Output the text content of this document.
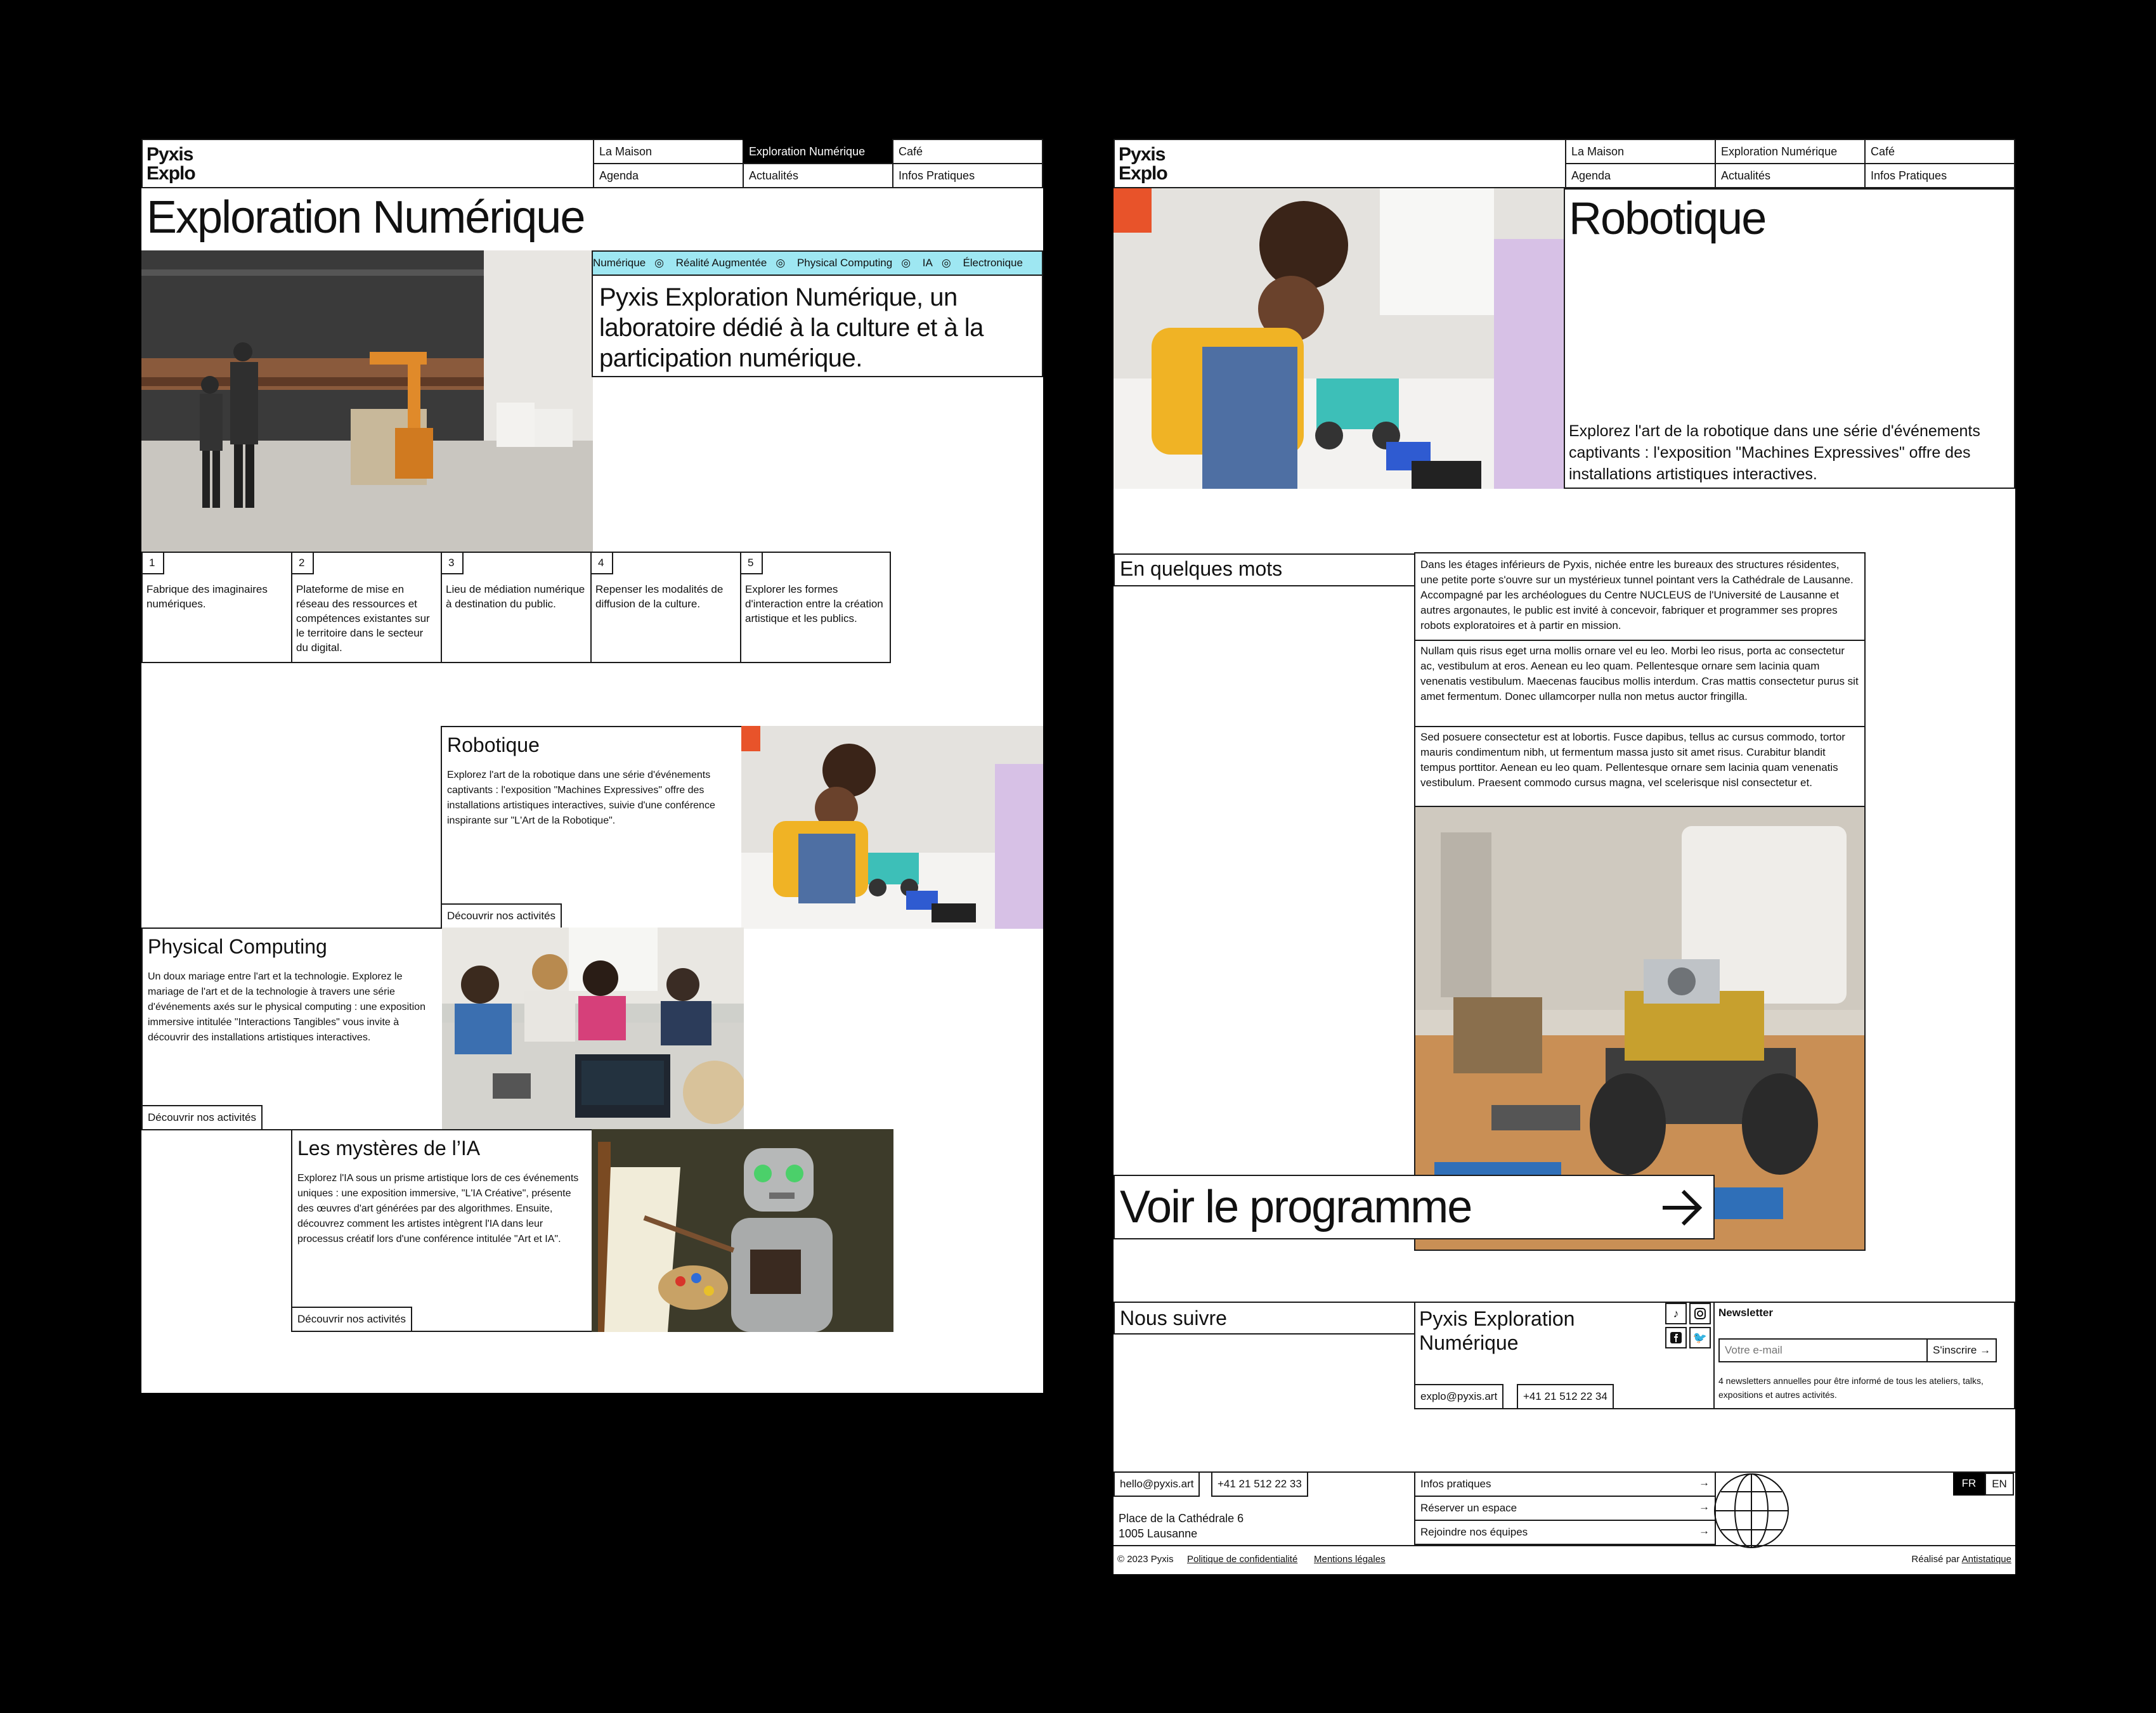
Pyxis
Explo
La Maison	Exploration Numérique	Café
Agenda	Actualités	Infos Pratiques
Exploration Numérique
Numérique ◎ Réalité Augmentée ◎ Physical Computing ◎ IA ◎ Électronique
Pyxis Exploration Numérique, un laboratoire dédié à la culture et à la participation numérique.
1
Fabrique des imaginaires numériques.
2
Plateforme de mise en réseau des ressources et compétences existantes sur le territoire dans le secteur du digital.
3
Lieu de médiation numérique à destination du public.
4
Repenser les modalités de diffusion de la culture.
5
Explorer les formes d'interaction entre la création artistique et les publics.
Robotique
Explorez l'art de la robotique dans une série d'événements captivants : l'exposition "Machines Expressives" offre des installations artistiques interactives, suivie d'une conférence inspirante sur "L'Art de la Robotique".
Découvrir nos activités
Physical Computing
Un doux mariage entre l'art et la technologie. Explorez le mariage de l'art et de la technologie à travers une série d'événements axés sur le physical computing : une exposition immersive intitulée "Interactions Tangibles" vous invite à découvrir des installations artistiques interactives.
Découvrir nos activités
Les mystères de l’IA
Explorez l'IA sous un prisme artistique lors de ces événements uniques : une exposition immersive, "L'IA Créative", présente des œuvres d'art générées par des algorithmes. Ensuite, découvrez comment les artistes intègrent l'IA dans leur processus créatif lors d'une conférence intitulée "Art et IA".
Découvrir nos activités
Pyxis
Explo
La Maison	Exploration Numérique	Café
Agenda	Actualités	Infos Pratiques
Robotique
Explorez l'art de la robotique dans une série d'événements captivants : l'exposition "Machines Expressives" offre des installations artistiques interactives.
En quelques mots	Dans les étages inférieurs de Pyxis, nichée entre les bureaux des structures résidentes, une petite porte s'ouvre sur un mystérieux tunnel pointant vers la Cathédrale de Lausanne. Accompagné par les archéologues du Centre NUCLEUS de l'Université de Lausanne et autres argonautes, le public est invité à concevoir, fabriquer et programmer ses propres robots exploratoires et à partir en mission.
Nullam quis risus eget urna mollis ornare vel eu leo. Morbi leo risus, porta ac consectetur ac, vestibulum at eros. Aenean eu leo quam. Pellentesque ornare sem lacinia quam venenatis vestibulum. Maecenas faucibus mollis interdum. Cras mattis consectetur purus sit amet fermentum. Donec ullamcorper nulla non metus auctor fringilla.
Sed posuere consectetur est at lobortis. Fusce dapibus, tellus ac cursus commodo, tortor mauris condimentum nibh, ut fermentum massa justo sit amet risus. Curabitur blandit tempus porttitor. Aenean eu leo quam. Pellentesque ornare sem lacinia quam venenatis vestibulum. Praesent commodo cursus magna, vel scelerisque nisl consectetur et.
Voir le programme
Nous suivre	Pyxis Exploration Numérique
explo@pyxis.art	+41 21 512 22 34
♪
🐦
Newsletter
Votre e-mail
S'inscrire →
4 newsletters annuelles pour être informé de tous les ateliers, talks, expositions et autres activités.
hello@pyxis.art	+41 21 512 22 33
Place de la Cathédrale 6
1005 Lausanne
Infos pratiques	→
Réserver un espace	→
Rejoindre nos équipes	→
FR	EN
© 2023 Pyxis Politique de confidentialité Mentions légales	Réalisé par Antistatique
